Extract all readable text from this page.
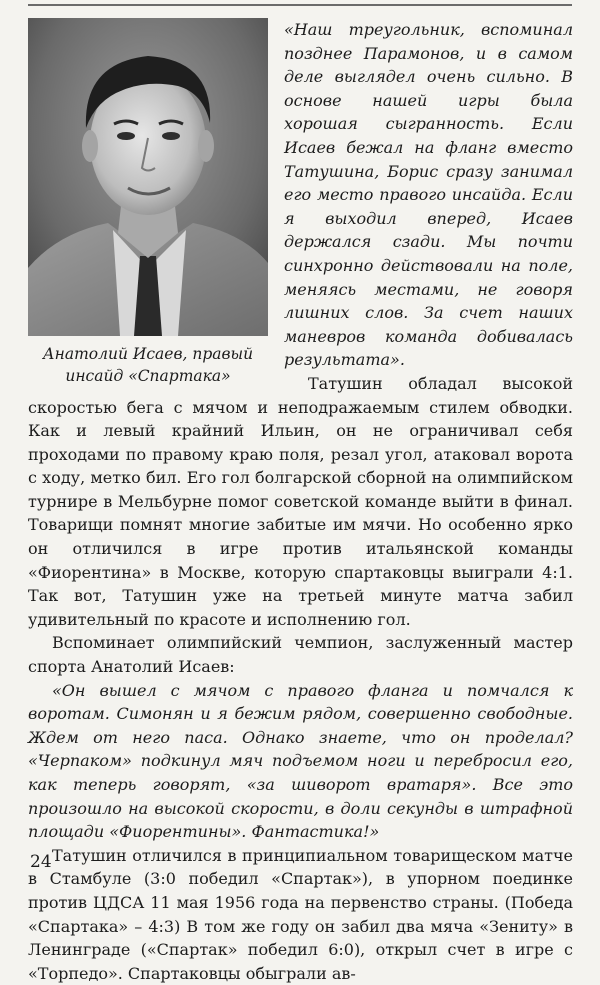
Анатолий Исаев, правый инсайд «Спартака»

«Наш треугольник, вспоминал позднее Парамонов, и в самом деле выглядел очень сильно. В основе нашей игры была хорошая сыгранность. Если Исаев бежал на фланг вместо Татушина, Борис сразу занимал его место правого инсайда. Если я выходил вперед, Исаев держался сзади. Мы почти синхронно действовали на поле, меняясь местами, не говоря лишних слов. За счет наших маневров команда добивалась результата».

Татушин обладал высокой скоростью бега с мячом и неподражаемым стилем обводки. Как и левый крайний Ильин, он не ограничивал себя проходами по правому краю поля, резал угол, атаковал ворота с ходу, метко бил. Его гол болгарской сборной на олимпийском турнире в Мельбурне помог советской команде выйти в финал. Товарищи помнят многие забитые им мячи. Но особенно ярко он отличился в игре против итальянской команды «Фиорентина» в Москве, которую спартаковцы выиграли 4:1. Так вот, Татушин уже на третьей минуте матча забил удивительный по красоте и исполнению гол.

Вспоминает олимпийский чемпион, заслуженный мастер спорта Анатолий Исаев:

«Он вышел с мячом с правого фланга и помчался к воротам. Симонян и я бежим рядом, совершенно свободные. Ждем от него паса. Однако знаете, что он проделал? «Черпаком» подкинул мяч подъемом ноги и перебросил его, как теперь говорят, «за шиворот вратаря». Все это произошло на высокой скорости, в доли секунды в штрафной площади «Фиорентины». Фантастика!»

Татушин отличился в принципиальном товарищеском матче в Стамбуле (3:0 победил «Спартак»), в упорном поединке против ЦДСА 11 мая 1956 года на первенство страны. (Победа «Спартака» – 4:3) В том же году он забил два мяча «Зениту» в Ленинграде («Спартак» победил 6:0), открыл счет в игре с «Торпедо». Спартаковцы обыграли ав-

24
